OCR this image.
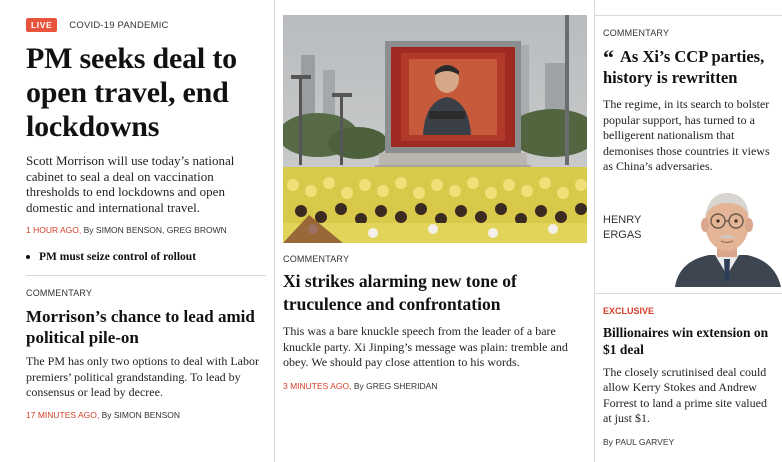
LIVE	COVID-19 PANDEMIC
PM seeks deal to open travel, end lockdowns

Scott Morrison will use today’s national cabinet to seal a deal on vaccination thresholds to end lockdowns and open domestic and international travel.

1 HOUR AGO, By SIMON BENSON, GREG BROWN
PM must seize control of rollout
COMMENTARY
Morrison’s chance to lead amid political pile-on

The PM has only two options to deal with Labor premiers’ political grandstanding. To lead by consensus or lead by decree.

17 MINUTES AGO, By SIMON BENSON
COMMENTARY
Xi strikes alarming new tone of truculence and confrontation

This was a bare knuckle speech from the leader of a bare knuckle party. Xi Jinping’s message was plain: tremble and obey. We should pay close attention to his words.

3 MINUTES AGO, By GREG SHERIDAN
COMMENTARY
“ As Xi’s CCP parties, history is rewritten

The regime, in its search to bolster popular support, has turned to a belligerent nationalism that demonises those countries it views as China’s adversaries.

HENRY
ERGAS
EXCLUSIVE
Billionaires win extension on $1 deal

The closely scrutinised deal could allow Kerry Stokes and Andrew Forrest to land a prime site valued at just $1.

By PAUL GARVEY
